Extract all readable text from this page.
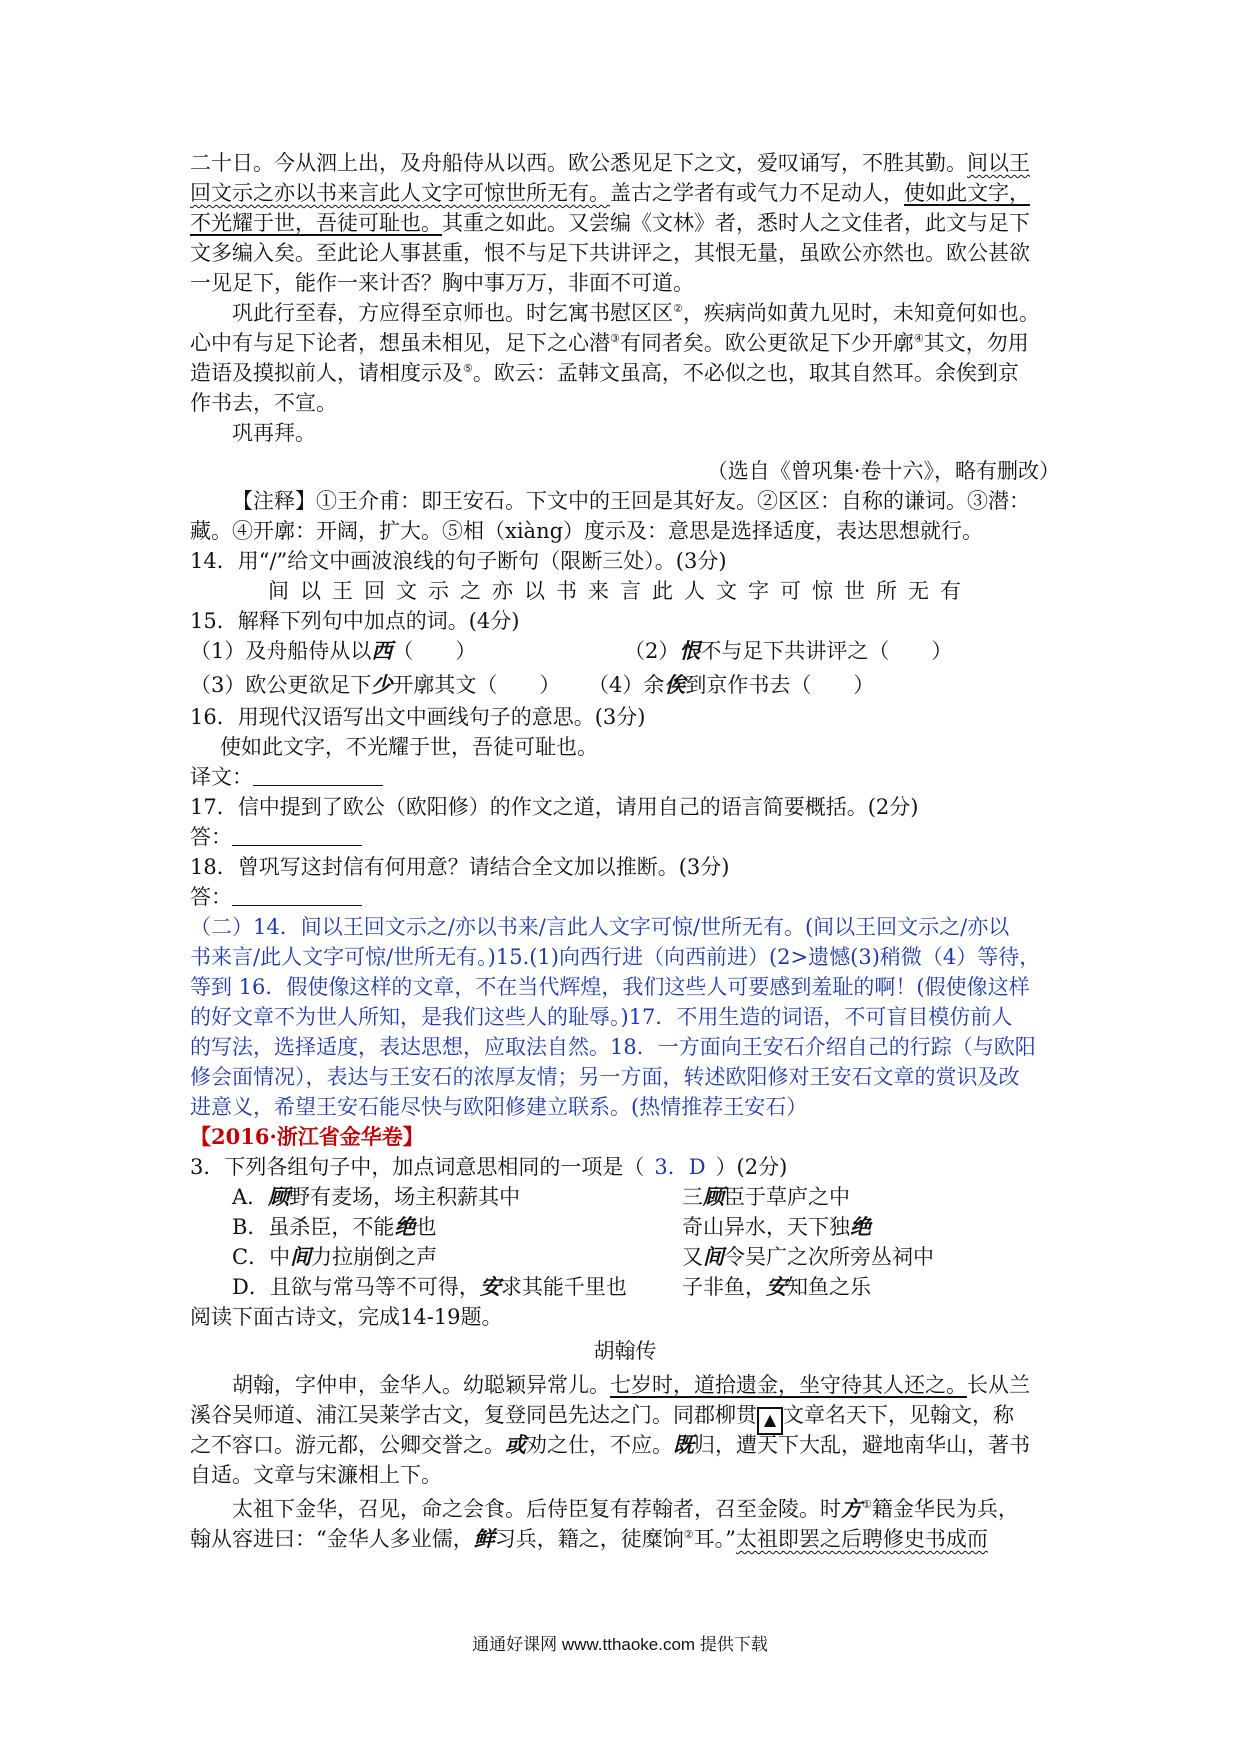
二十日。今从泗上出，及舟船侍从以西。欧公悉见足下之文，爱叹诵写，不胜其勤。间以王
回文示之亦以书来言此人文字可惊世所无有。盖古之学者有或气力不足动人，使如此文字，
不光耀于世，吾徒可耻也。其重之如此。又尝编《文林》者，悉时人之文佳者，此文与足下
文多编入矣。至此论人事甚重，恨不与足下共讲评之，其恨无量，虽欧公亦然也。欧公甚欲
一见足下，能作一来计否？胸中事万万，非面不可道。
巩此行至春，方应得至京师也。时乞寓书慰区区②，疾病尚如黄九见时，未知竟何如也。
心中有与足下论者，想虽未相见，足下之心潜③有同者矣。欧公更欲足下少开廓④其文，勿用
造语及摸拟前人，请相度示及⑤。欧云：孟韩文虽高，不必似之也，取其自然耳。余俟到京
作书去，不宣。
巩再拜。
（选自《曾巩集·卷十六》，略有删改）
【注释】①王介甫：即王安石。下文中的王回是其好友。②区区：自称的谦词。③潜：
藏。④开廓：开阔，扩大。⑤相（xiàng）度示及：意思是选择适度，表达思想就行。
14．用“/”给文中画波浪线的句子断句（限断三处）。(3分)
间以王回文示之亦以书来言此人文字可惊世所无有
15．解释下列句中加点的词。(4分)
（1）及舟船侍从以西（　　）	（2）恨不与足下共讲评之（　　）
（3）欧公更欲足下少开廓其文（　　）	（4）余俟到京作书去（　　）
16．用现代汉语写出文中画线句子的意思。(3分)
使如此文字，不光耀于世，吾徒可耻也。
译文：
17．信中提到了欧公（欧阳修）的作文之道，请用自己的语言简要概括。(2分)
答：
18．曾巩写这封信有何用意？请结合全文加以推断。(3分)
答：
（二）14．间以王回文示之/亦以书来/言此人文字可惊/世所无有。(间以王回文示之/亦以
书来言/此人文字可惊/世所无有。)15.(1)向西行进（向西前进）(2>遗憾(3)稍微（4）等待，
等到 16．假使像这样的文章，不在当代辉煌，我们这些人可要感到羞耻的啊！(假使像这样
的好文章不为世人所知，是我们这些人的耻辱。)17．不用生造的词语，不可盲目模仿前人
的写法，选择适度，表达思想，应取法自然。18．一方面向王安石介绍自己的行踪（与欧阳
修会面情况），表达与王安石的浓厚友情；另一方面，转述欧阳修对王安石文章的赏识及改
进意义，希望王安石能尽快与欧阳修建立联系。(热情推荐王安石）
【2016·浙江省金华卷】
3．下列各组句子中，加点词意思相同的一项是（ 3．D ）(2分)
A．顾野有麦场，场主积薪其中	三顾臣于草庐之中
B．虽杀臣，不能绝也	奇山异水，天下独绝
C．中间力拉崩倒之声	又间令吴广之次所旁丛祠中
D．且欲与常马等不可得，安求其能千里也	子非鱼，安知鱼之乐
阅读下面古诗文，完成14-19题。
胡翰传
胡翰，字仲申，金华人。幼聪颖异常儿。七岁时，道拾遗金，坐守待其人还之。长从兰
溪谷吴师道、浦江吴莱学古文，复登同邑先达之门。同郡柳贯 ▲ 文章名天下，见翰文，称
之不容口。游元都，公卿交誉之。或劝之仕，不应。既归，遭天下大乱，避地南华山，著书
自适。文章与宋濂相上下。
太祖下金华，召见，命之会食。后侍臣复有荐翰者，召至金陵。时方①籍金华民为兵，
翰从容进曰：“金华人多业儒，鲜习兵，籍之，徒糜饷②耳。”太祖即罢之后聘修史书成而
通通好课网 www.tthaoke.com 提供下载
